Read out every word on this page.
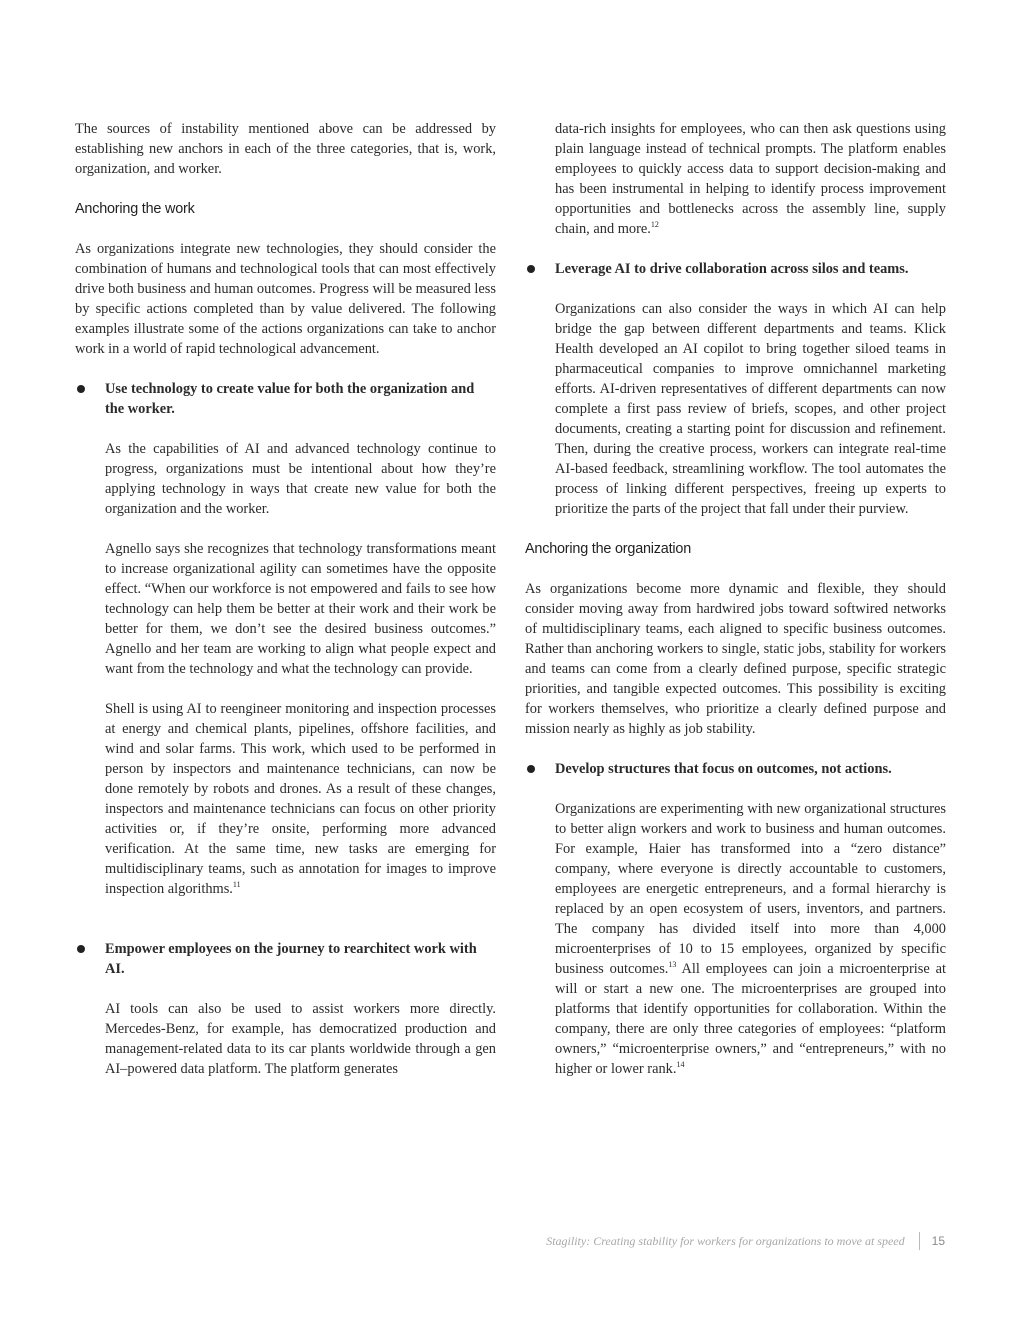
The sources of instability mentioned above can be addressed by establishing new anchors in each of the three categories, that is, work, organization, and worker.

Anchoring the work

As organizations integrate new technologies, they should consider the combination of humans and technological tools that can most effectively drive both business and human outcomes. Progress will be measured less by specific actions completed than by value delivered. The following examples illustrate some of the actions organizations can take to anchor work in a world of rapid technological advancement.

Use technology to create value for both the organization and the worker.

As the capabilities of AI and advanced technology continue to progress, organizations must be intentional about how they’re applying technology in ways that create new value for both the organization and the worker.

Agnello says she recognizes that technology transformations meant to increase organizational agility can sometimes have the opposite effect. “When our workforce is not empowered and fails to see how technology can help them be better at their work and their work be better for them, we don’t see the desired business outcomes.” Agnello and her team are working to align what people expect and want from the technology and what the technology can provide.

Shell is using AI to reengineer monitoring and inspection processes at energy and chemical plants, pipelines, offshore facilities, and wind and solar farms. This work, which used to be performed in person by inspectors and maintenance technicians, can now be done remotely by robots and drones. As a result of these changes, inspectors and maintenance technicians can focus on other priority activities or, if they’re onsite, performing more advanced verification. At the same time, new tasks are emerging for multidisciplinary teams, such as annotation for images to improve inspection algorithms.$^{11}$

Empower employees on the journey to rearchitect work with AI.

AI tools can also be used to assist workers more directly. Mercedes-Benz, for example, has democratized production and management-related data to its car plants worldwide through a gen AI–powered data platform. The platform generates

data-rich insights for employees, who can then ask questions using plain language instead of technical prompts. The platform enables employees to quickly access data to support decision-making and has been instrumental in helping to identify process improvement opportunities and bottlenecks across the assembly line, supply chain, and more.$^{12}$

Leverage AI to drive collaboration across silos and teams.

Organizations can also consider the ways in which AI can help bridge the gap between different departments and teams. Klick Health developed an AI copilot to bring together siloed teams in pharmaceutical companies to improve omnichannel marketing efforts. AI-driven representatives of different departments can now complete a first pass review of briefs, scopes, and other project documents, creating a starting point for discussion and refinement. Then, during the creative process, workers can integrate real-time AI-based feedback, streamlining workflow. The tool automates the process of linking different perspectives, freeing up experts to prioritize the parts of the project that fall under their purview.

Anchoring the organization

As organizations become more dynamic and flexible, they should consider moving away from hardwired jobs toward softwired networks of multidisciplinary teams, each aligned to specific business outcomes. Rather than anchoring workers to single, static jobs, stability for workers and teams can come from a clearly defined purpose, specific strategic priorities, and tangible expected outcomes. This possibility is exciting for workers themselves, who prioritize a clearly defined purpose and mission nearly as highly as job stability.

Develop structures that focus on outcomes, not actions.

Organizations are experimenting with new organizational structures to better align workers and work to business and human outcomes. For example, Haier has transformed into a “zero distance” company, where everyone is directly accountable to customers, employees are energetic entrepreneurs, and a formal hierarchy is replaced by an open ecosystem of users, inventors, and partners. The company has divided itself into more than 4,000 microenterprises of 10 to 15 employees, organized by specific business outcomes.$^{13}$ All employees can join a microenterprise at will or start a new one. The microenterprises are grouped into platforms that identify opportunities for collaboration. Within the company, there are only three categories of employees: “platform owners,” “microenterprise owners,” and “entrepreneurs,” with no higher or lower rank.$^{14}$

Stagility: Creating stability for workers for organizations to move at speed	15
